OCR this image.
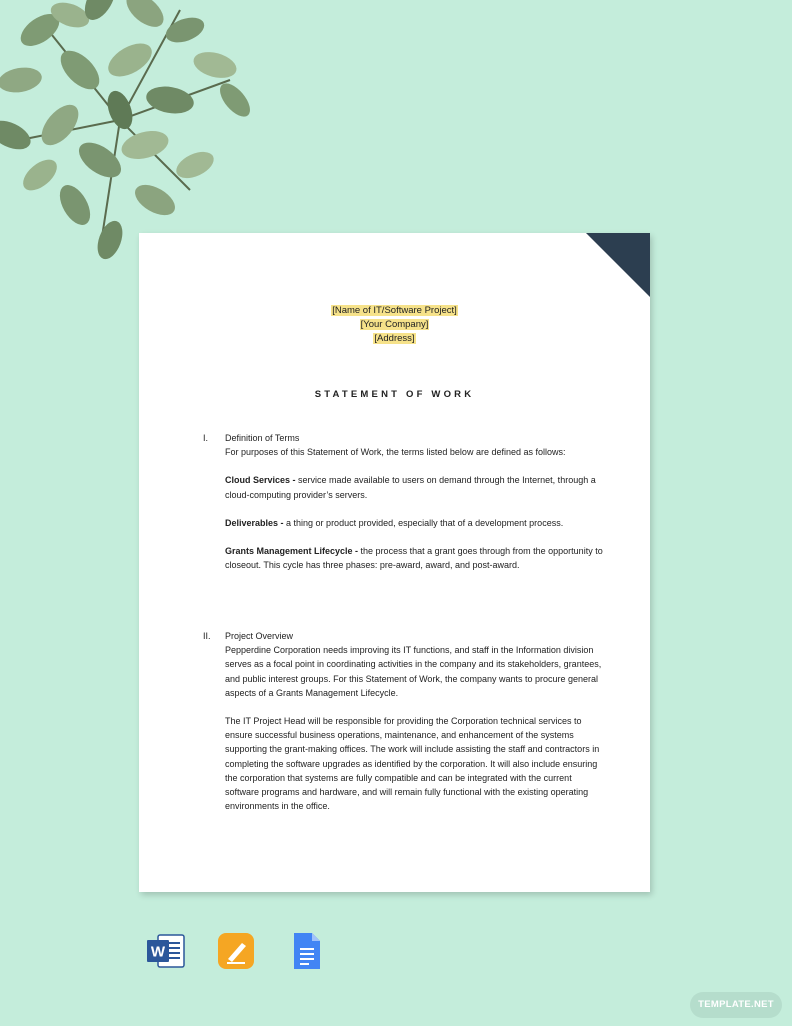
[Name of IT/Software Project]
[Your Company]
[Address]
STATEMENT OF WORK
I. Definition of Terms

For purposes of this Statement of Work, the terms listed below are defined as follows:

Cloud Services - service made available to users on demand through the Internet, through a cloud-computing provider’s servers.

Deliverables - a thing or product provided, especially that of a development process.

Grants Management Lifecycle - the process that a grant goes through from the opportunity to closeout. This cycle has three phases: pre-award, award, and post-award.

II. Project Overview

Pepperdine Corporation needs improving its IT functions, and staff in the Information division serves as a focal point in coordinating activities in the company and its stakeholders, grantees, and public interest groups. For this Statement of Work, the company wants to procure general aspects of a Grants Management Lifecycle.

The IT Project Head will be responsible for providing the Corporation technical services to ensure successful business operations, maintenance, and enhancement of the systems supporting the grant-making offices. The work will include assisting the staff and contractors in completing the software upgrades as identified by the corporation. It will also include ensuring the corporation that systems are fully compatible and can be integrated with the current software programs and hardware, and will remain fully functional with the existing operating environments in the office.

W
TEMPLATE.NET
